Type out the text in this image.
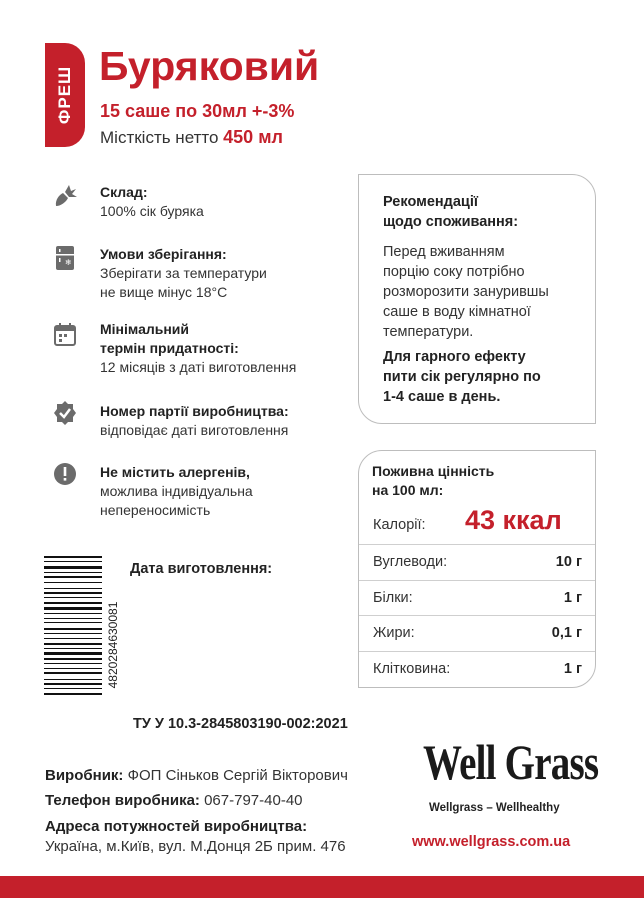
ФРЕШ Буряковий
15 саше по 30мл +-3%
Місткість нетто 450 мл
❄
Склад:
100% сік буряка
Умови зберігання:
Зберігати за температури
не вище мінус 18°С
Мінімальний
термін придатності:
12 місяців з даті виготовлення
Номер партії виробництва:
відповідає даті виготовлення
Не містить алергенів,
можлива індивідуальна
непереносимість
Рекомендації
щодо споживання:
Перед вживанням
порцію соку потрібно
розморозити занурившы
саше в воду кімнатної
температури.
Для гарного ефекту
пити сік регулярно по
1-4 саше в день.
Поживна цінність
на 100 мл:
Калорії: 43 ккал
Вуглеводи:	10 г
Білки:	1 г
Жири:	0,1 г
Клітковина:	1 г
4820284630081
Дата виготовлення:
ТУ У 10.3-2845803190-002:2021
Виробник: ФОП Сіньков Сергій Вікторович
Телефон виробника: 067-797-40-40
Адреса потужностей виробництва:
Україна, м.Київ, вул. М.Донця 2Б прим. 476
Well Grass
Wellgrass – Wellhealthy
www.wellgrass.com.ua
